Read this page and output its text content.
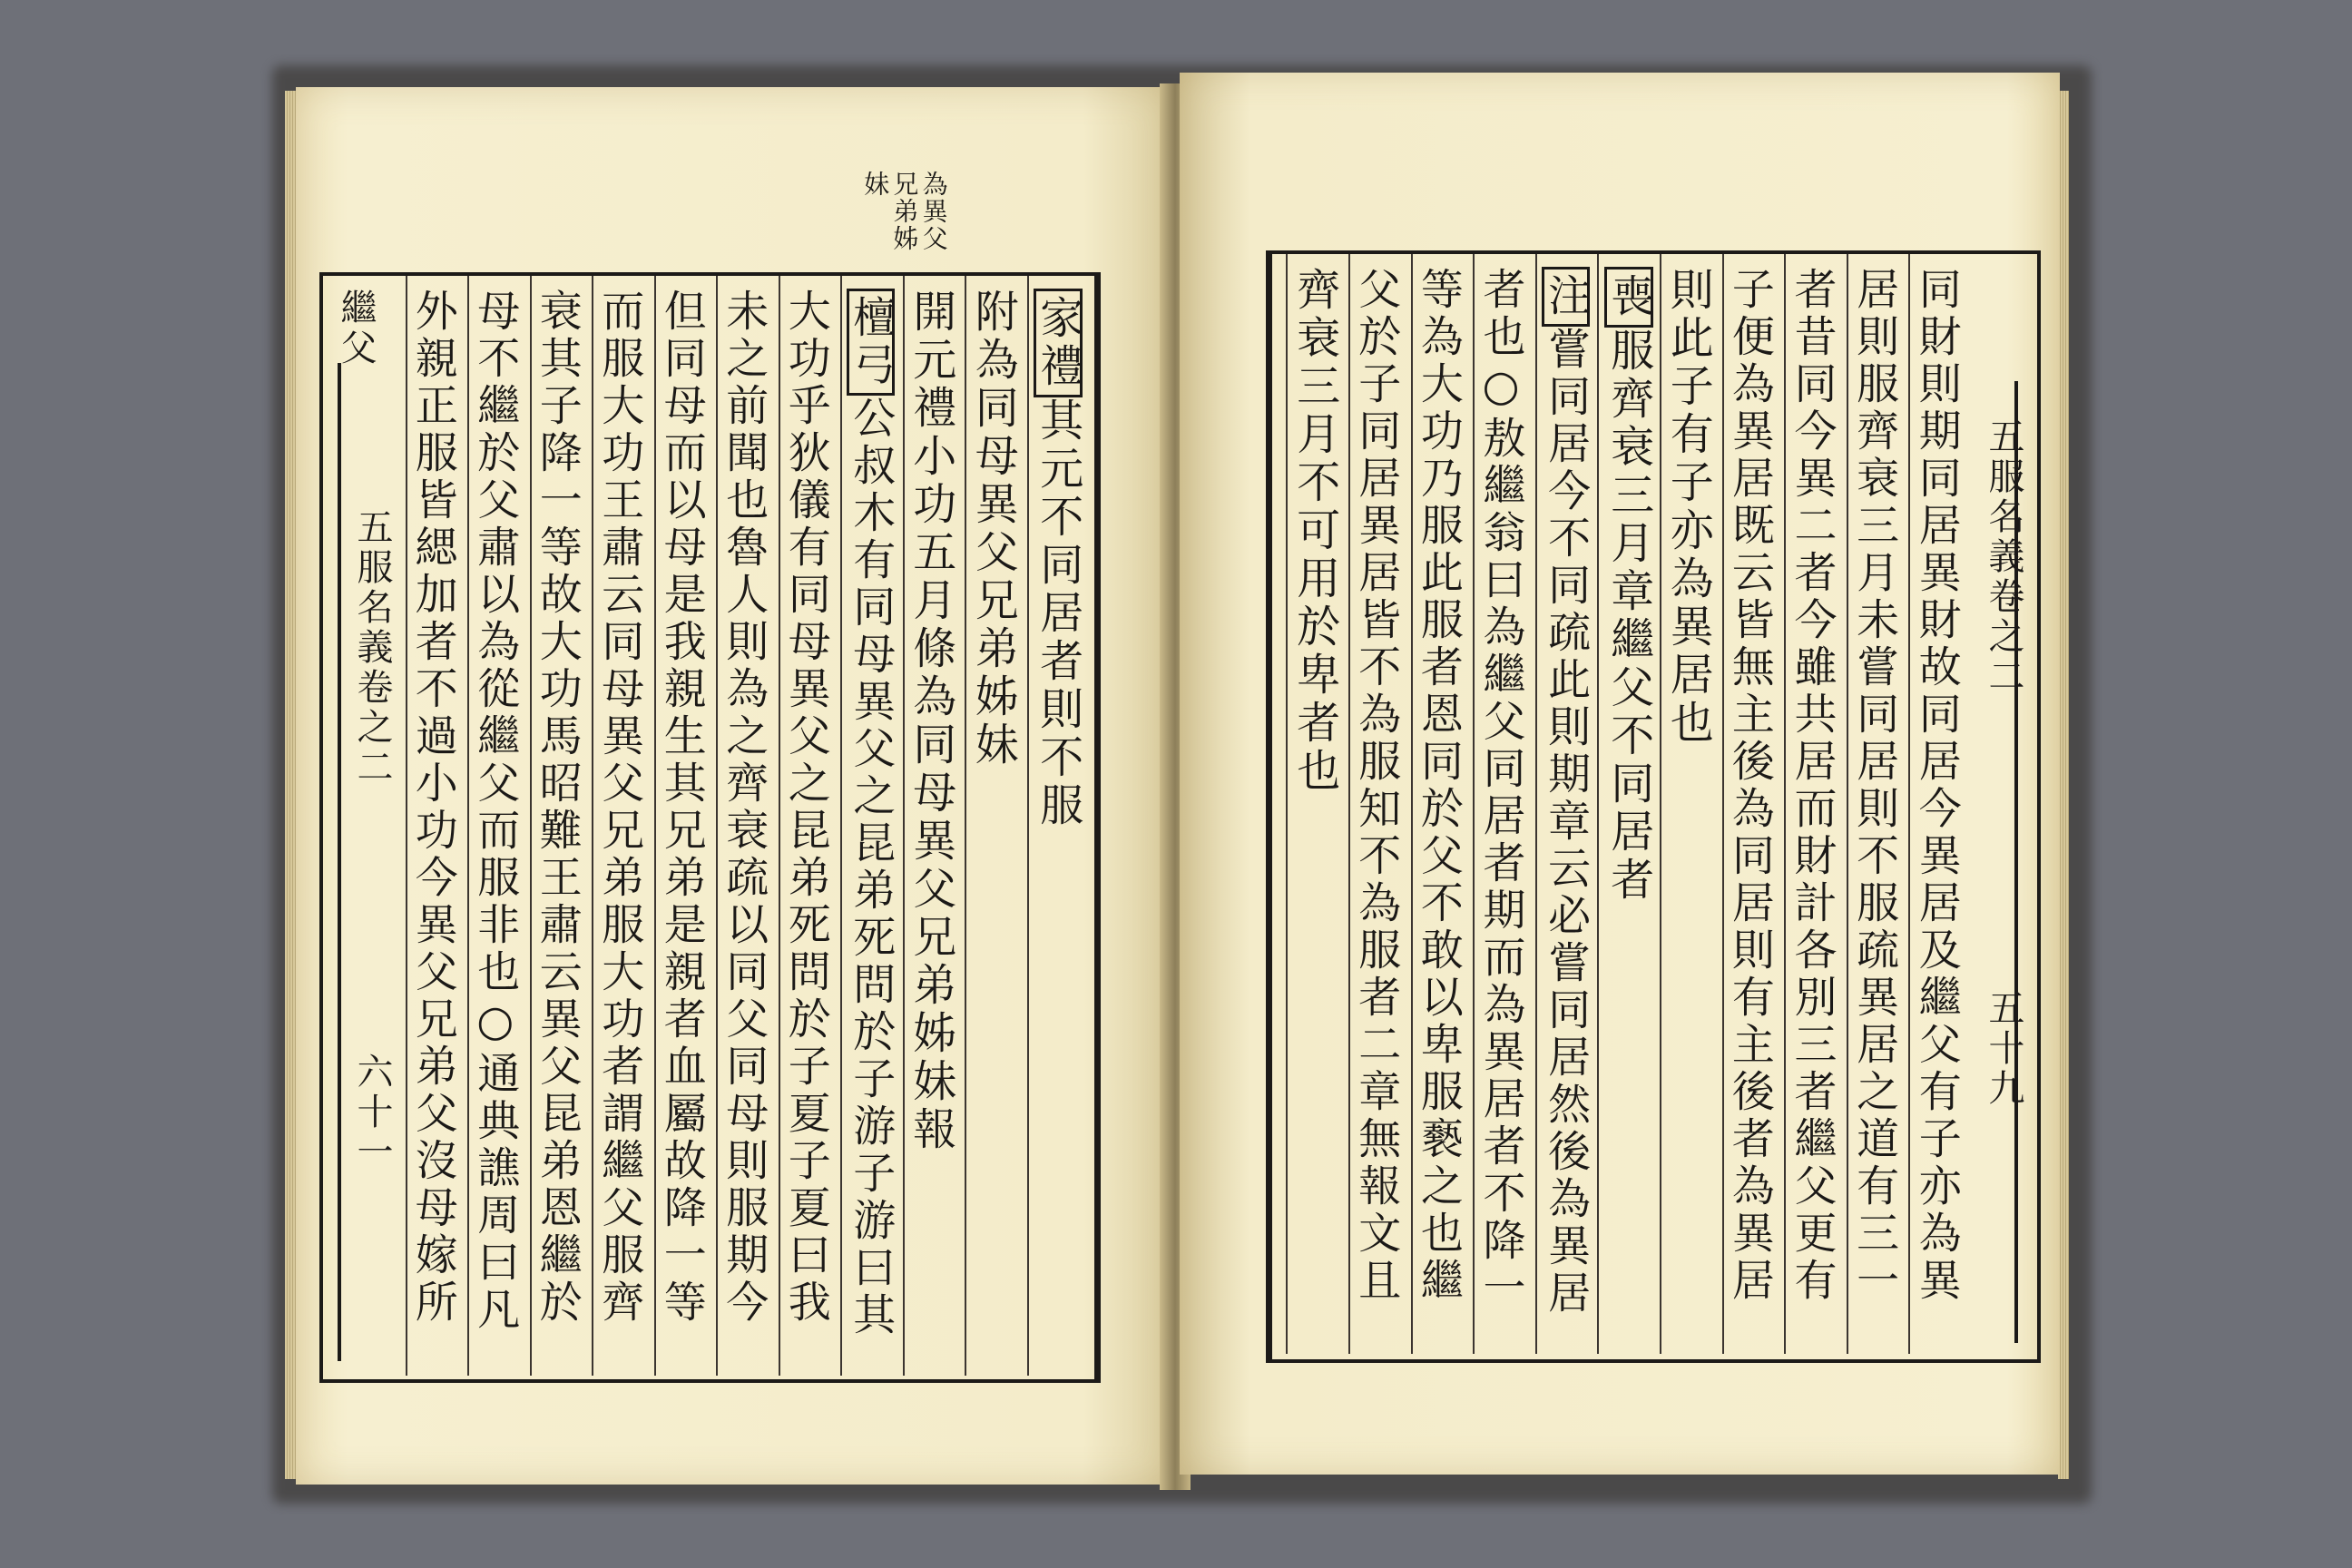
為異父 兄弟姊 妹
繼父
五服名義卷之二
六十一
五服名義卷之二
五十九
家禮其元不同居者則不服
附為同母異父兄弟姊妹
開元禮小功五月條為同母異父兄弟姊妹報
檀弓公叔木有同母異父之昆弟死問於子游子游曰其
大功乎狄儀有同母異父之昆弟死問於子夏子夏曰我
未之前聞也魯人則為之齊衰疏以同父同母則服期今
但同母而以母是我親生其兄弟是親者血屬故降一等
而服大功王肅云同母異父兄弟服大功者謂繼父服齊
衰其子降一等故大功馬昭難王肅云異父昆弟恩繼於
母不繼於父肅以為從繼父而服非也○通典譙周曰凡
外親正服皆緦加者不過小功今異父兄弟父沒母嫁所	同財則期同居異財故同居今異居及繼父有子亦為異
居則服齊衰三月未嘗同居則不服疏異居之道有三一
者昔同今異二者今雖共居而財計各別三者繼父更有
子便為異居既云皆無主後為同居則有主後者為異居
則此子有子亦為異居也
喪服齊衰三月章繼父不同居者
注嘗同居今不同疏此則期章云必嘗同居然後為異居
者也○敖繼翁曰為繼父同居者期而為異居者不降一
等為大功乃服此服者恩同於父不敢以卑服褻之也繼
父於子同居異居皆不為服知不為服者二章無報文且
齊衰三月不可用於卑者也
